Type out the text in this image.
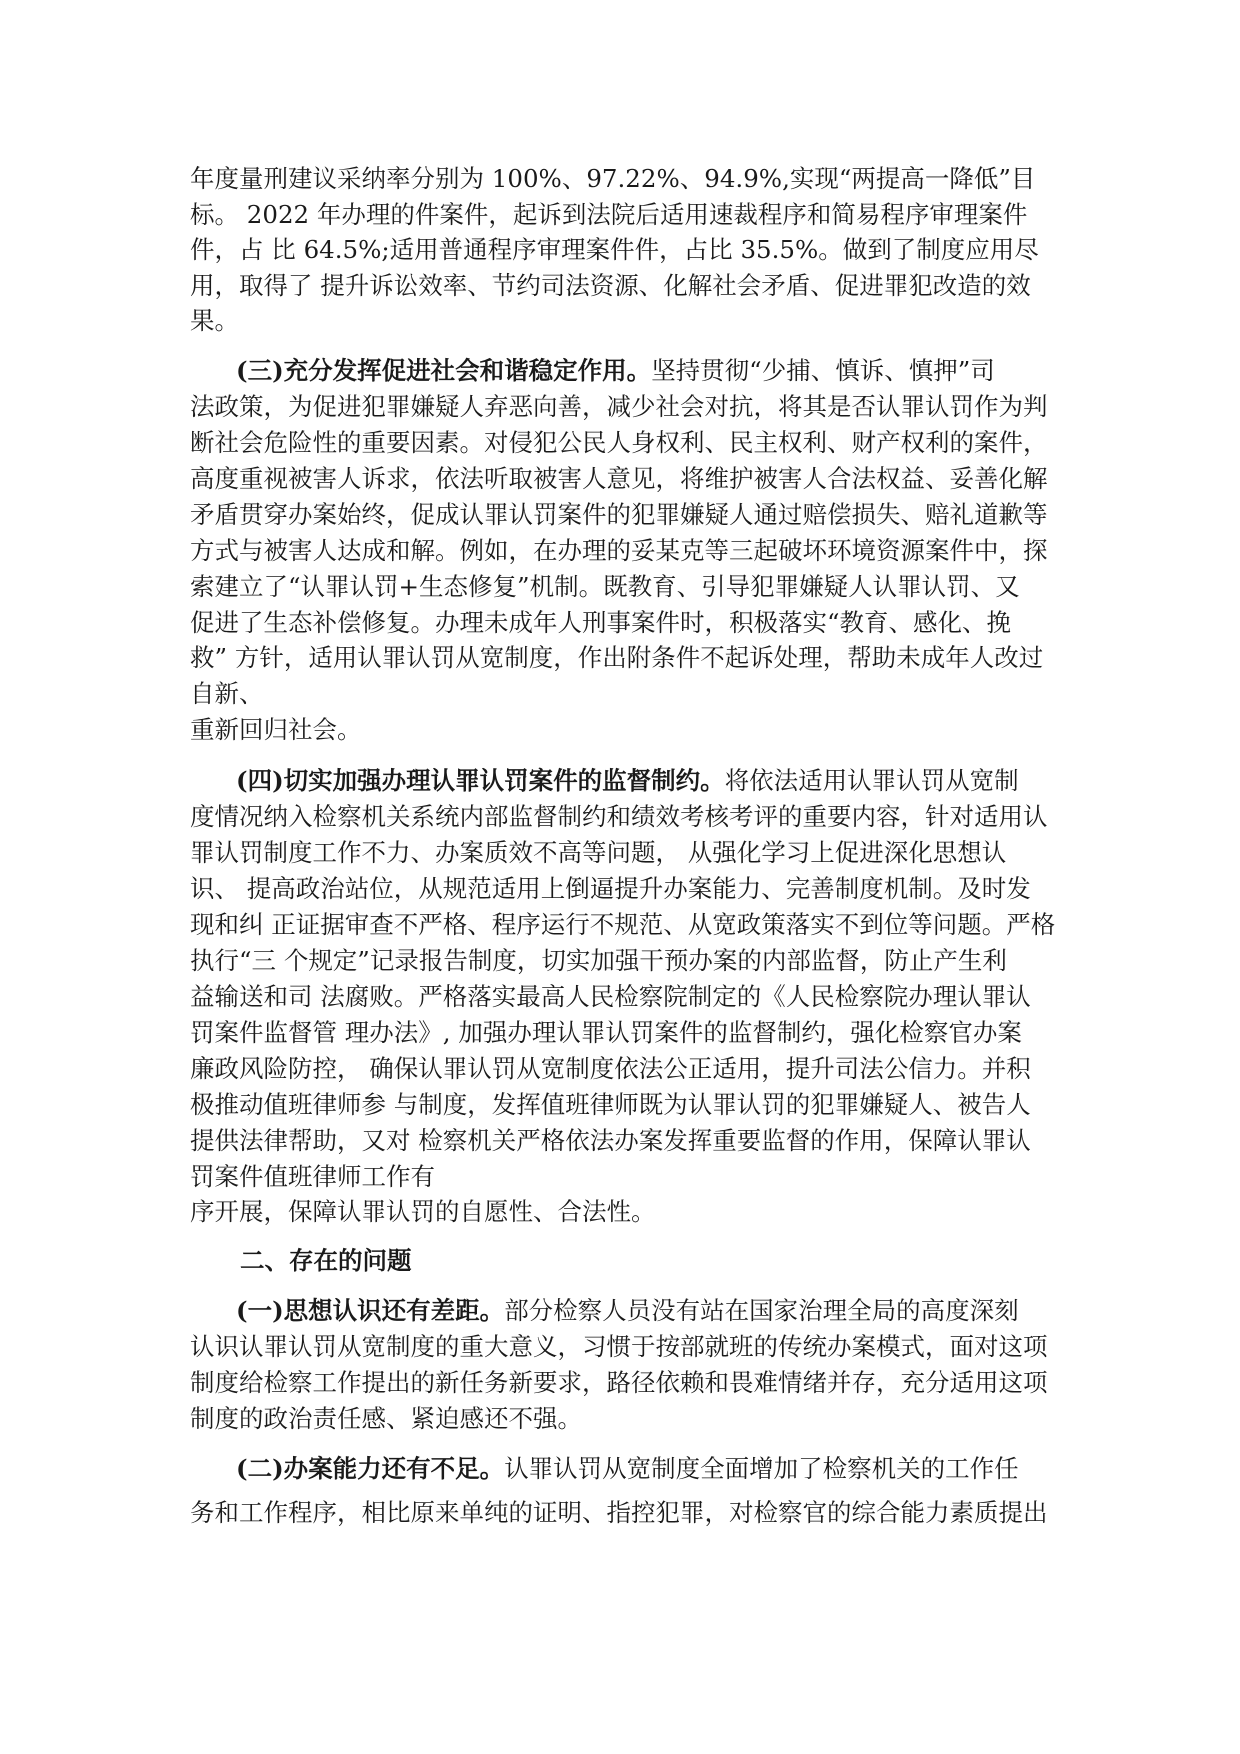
年度量刑建议采纳率分别为 100%、97.22%、94.9%,实现“两提高一降低”目
标。 2022 年办理的件案件，起诉到法院后适用速裁程序和简易程序审理案件
件，占 比 64.5%;适用普通程序审理案件件，占比 35.5%。做到了制度应用尽
用，取得了 提升诉讼效率、节约司法资源、化解社会矛盾、促进罪犯改造的效
果。
(三)充分发挥促进社会和谐稳定作用。坚持贯彻“少捕、慎诉、慎押”司
法政策，为促进犯罪嫌疑人弃恶向善，减少社会对抗，将其是否认罪认罚作为判
断社会危险性的重要因素。对侵犯公民人身权利、民主权利、财产权利的案件，
高度重视被害人诉求，依法听取被害人意见，将维护被害人合法权益、妥善化解
矛盾贯穿办案始终，促成认罪认罚案件的犯罪嫌疑人通过赔偿损失、赔礼道歉等
方式与被害人达成和解。例如，在办理的妥某克等三起破坏环境资源案件中，探
索建立了“认罪认罚+生态修复”机制。既教育、引导犯罪嫌疑人认罪认罚、又
促进了生态补偿修复。办理未成年人刑事案件时，积极落实“教育、感化、挽
救” 方针，适用认罪认罚从宽制度，作出附条件不起诉处理，帮助未成年人改过
自新、
重新回归社会。
(四)切实加强办理认罪认罚案件的监督制约。将依法适用认罪认罚从宽制
度情况纳入检察机关系统内部监督制约和绩效考核考评的重要内容，针对适用认
罪认罚制度工作不力、办案质效不高等问题， 从强化学习上促进深化思想认
识、 提高政治站位，从规范适用上倒逼提升办案能力、完善制度机制。及时发
现和纠 正证据审查不严格、程序运行不规范、从宽政策落实不到位等问题。严格
执行“三 个规定”记录报告制度，切实加强干预办案的内部监督，防止产生利
益输送和司 法腐败。严格落实最高人民检察院制定的《人民检察院办理认罪认
罚案件监督管 理办法》, 加强办理认罪认罚案件的监督制约，强化检察官办案
廉政风险防控， 确保认罪认罚从宽制度依法公正适用，提升司法公信力。并积
极推动值班律师参 与制度，发挥值班律师既为认罪认罚的犯罪嫌疑人、被告人
提供法律帮助，又对 检察机关严格依法办案发挥重要监督的作用，保障认罪认
罚案件值班律师工作有
序开展，保障认罪认罚的自愿性、合法性。
二、存在的问题
(一)思想认识还有差距。部分检察人员没有站在国家治理全局的高度深刻
认识认罪认罚从宽制度的重大意义，习惯于按部就班的传统办案模式，面对这项
制度给检察工作提出的新任务新要求，路径依赖和畏难情绪并存，充分适用这项
制度的政治责任感、紧迫感还不强。
(二)办案能力还有不足。认罪认罚从宽制度全面增加了检察机关的工作任
务和工作程序，相比原来单纯的证明、指控犯罪，对检察官的综合能力素质提出
